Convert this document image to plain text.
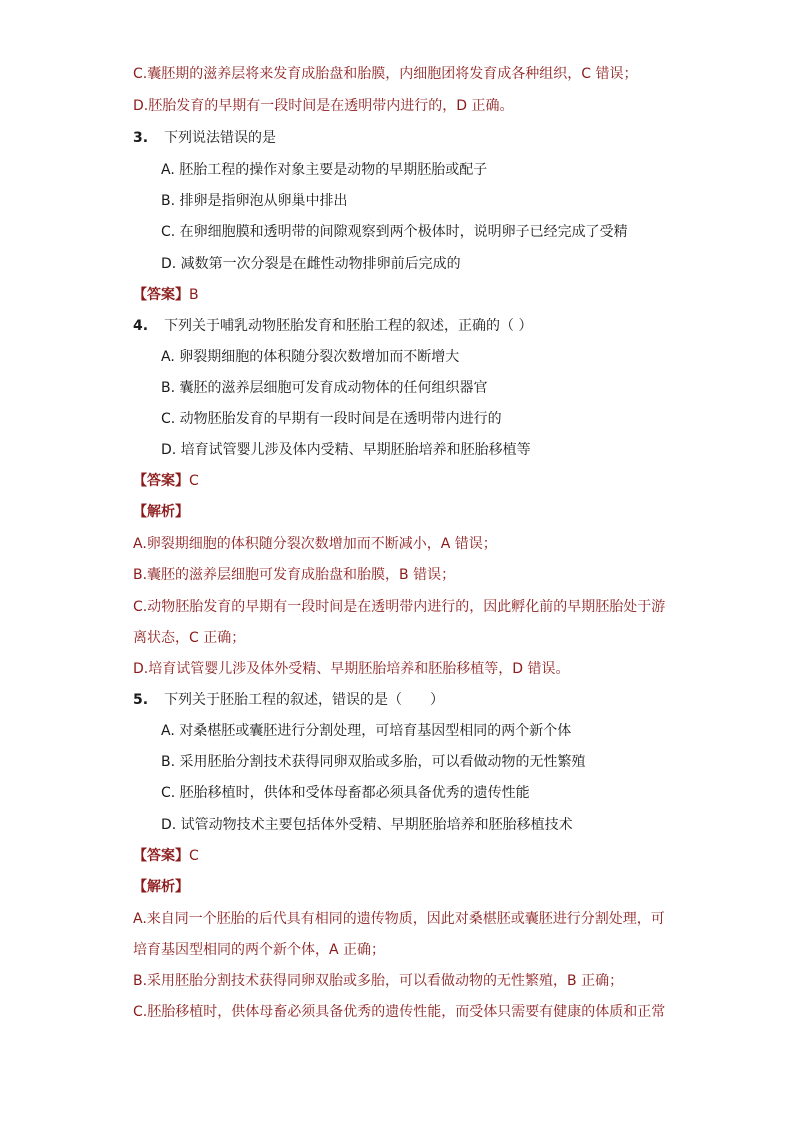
C.囊胚期的滋养层将来发育成胎盘和胎膜，内细胞团将发育成各种组织，C 错误；
D.胚胎发育的早期有一段时间是在透明带内进行的，D 正确。
3. 下列说法错误的是
A. 胚胎工程的操作对象主要是动物的早期胚胎或配子
B. 排卵是指卵泡从卵巢中排出
C. 在卵细胞膜和透明带的间隙观察到两个极体时，说明卵子已经完成了受精
D. 减数第一次分裂是在雌性动物排卵前后完成的
【答案】B
4. 下列关于哺乳动物胚胎发育和胚胎工程的叙述，正确的（ ）
A. 卵裂期细胞的体积随分裂次数增加而不断增大
B. 囊胚的滋养层细胞可发育成动物体的任何组织器官
C. 动物胚胎发育的早期有一段时间是在透明带内进行的
D. 培育试管婴儿涉及体内受精、早期胚胎培养和胚胎移植等
【答案】C
【解析】
A.卵裂期细胞的体积随分裂次数增加而不断减小，A 错误；
B.囊胚的滋养层细胞可发育成胎盘和胎膜，B 错误；
C.动物胚胎发育的早期有一段时间是在透明带内进行的，因此孵化前的早期胚胎处于游
离状态，C 正确；
D.培育试管婴儿涉及体外受精、早期胚胎培养和胚胎移植等，D 错误。
5. 下列关于胚胎工程的叙述，错误的是（　　）
A. 对桑椹胚或囊胚进行分割处理，可培育基因型相同的两个新个体
B. 采用胚胎分割技术获得同卵双胎或多胎，可以看做动物的无性繁殖
C. 胚胎移植时，供体和受体母畜都必须具备优秀的遗传性能
D. 试管动物技术主要包括体外受精、早期胚胎培养和胚胎移植技术
【答案】C
【解析】
A.来自同一个胚胎的后代具有相同的遗传物质，因此对桑椹胚或囊胚进行分割处理，可
培育基因型相同的两个新个体，A 正确；
B.采用胚胎分割技术获得同卵双胎或多胎，可以看做动物的无性繁殖，B 正确；
C.胚胎移植时，供体母畜必须具备优秀的遗传性能，而受体只需要有健康的体质和正常
